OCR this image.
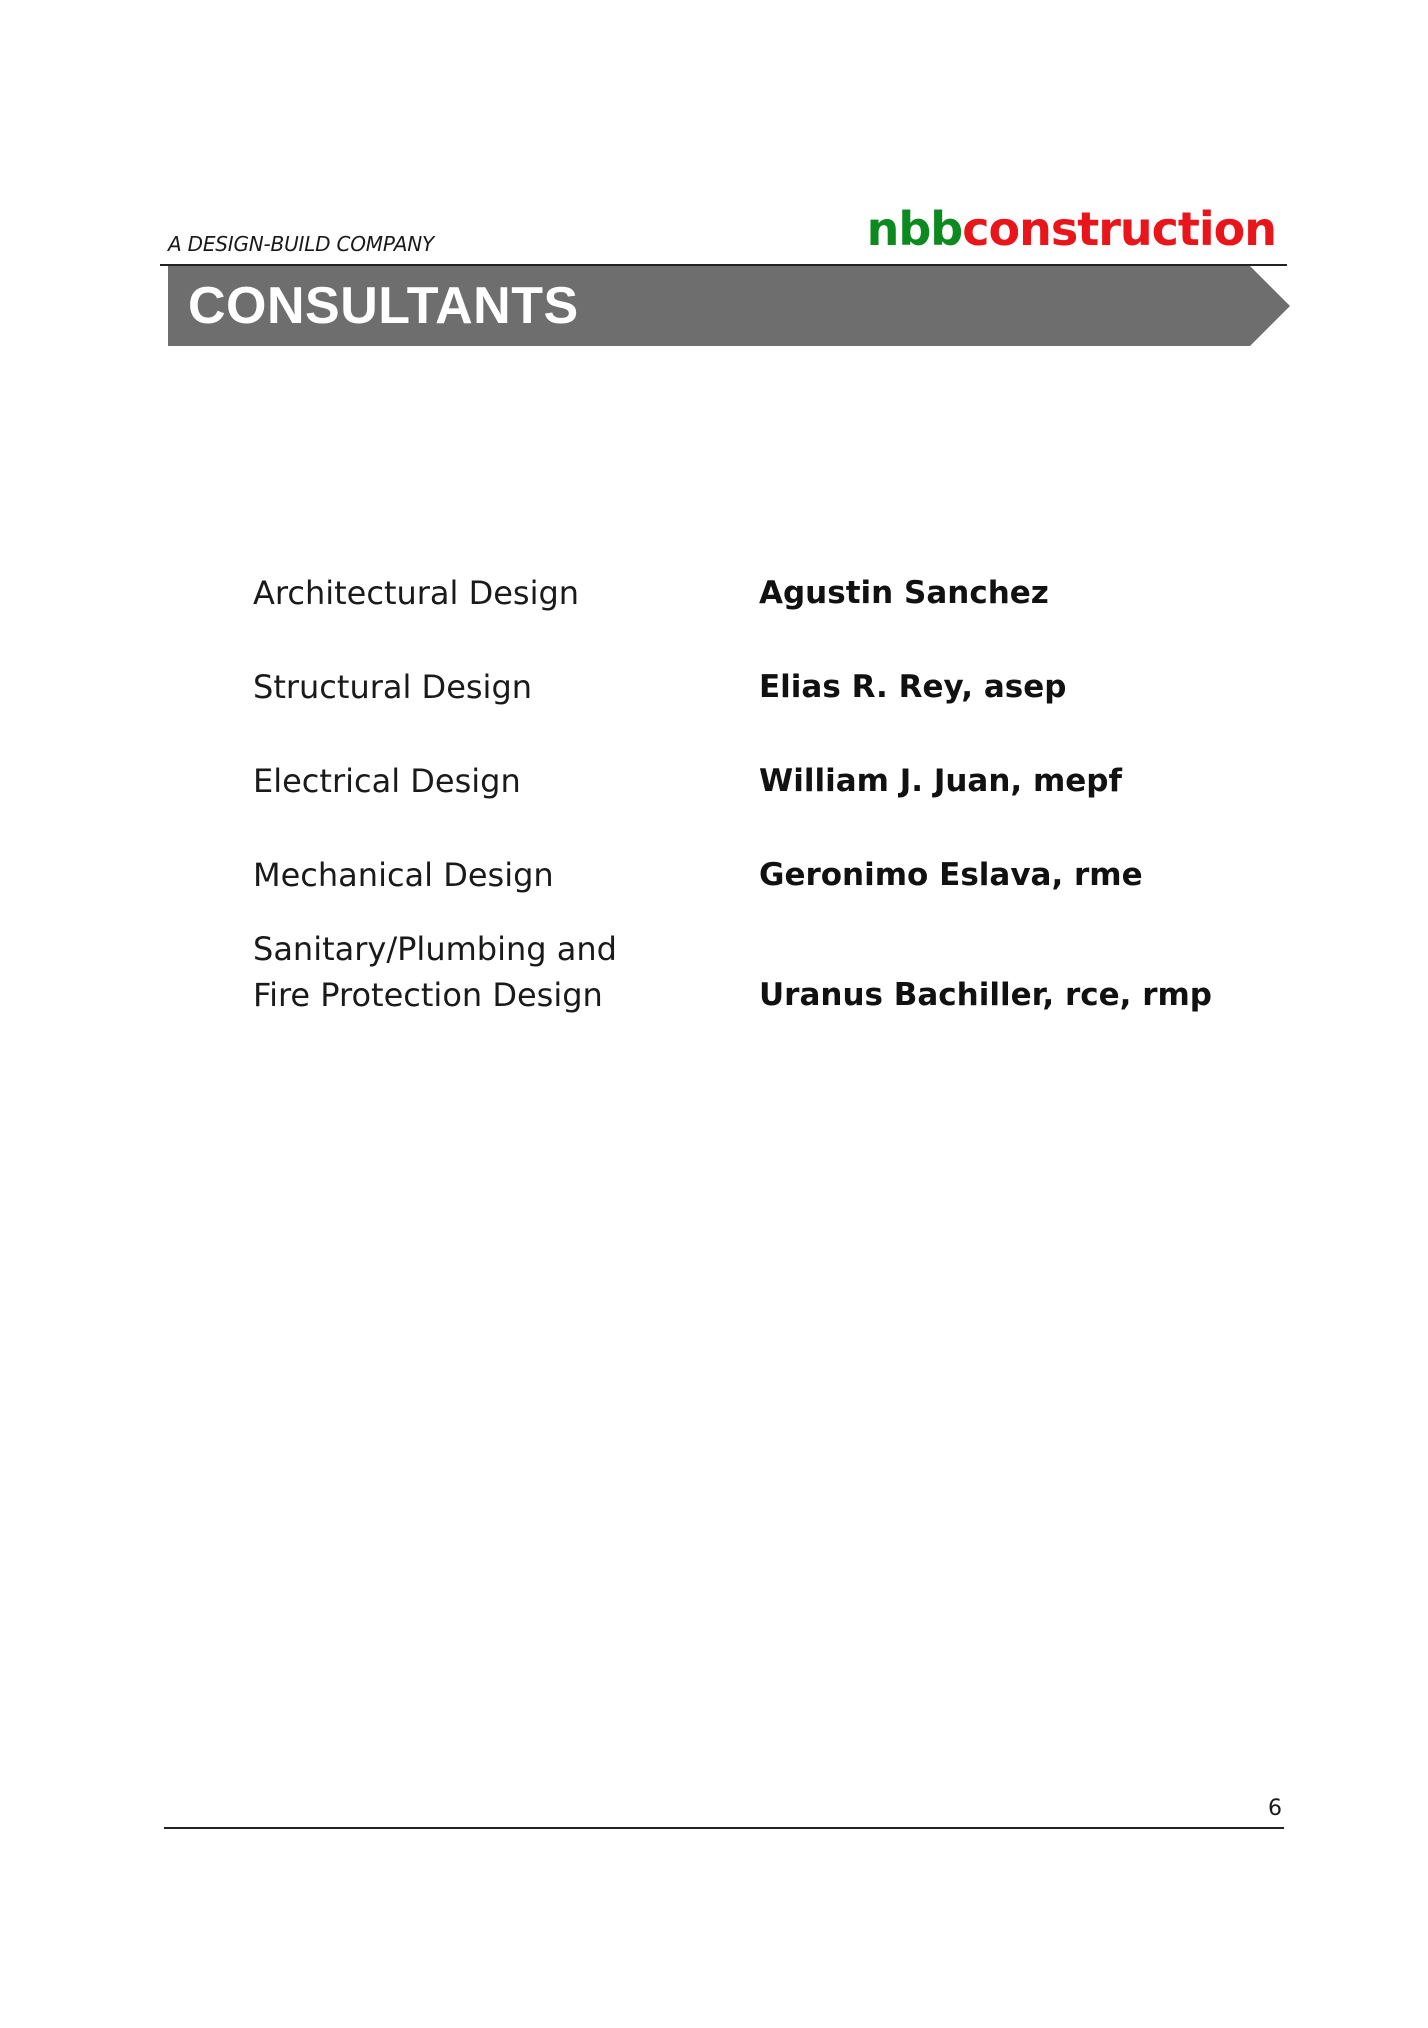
A DESIGN-BUILD COMPANY	nbbconstruction
CONSULTANTS
Architectural Design	Agustin Sanchez
Structural Design	Elias R. Rey, asep
Electrical Design	William J. Juan, mepf
Mechanical Design	Geronimo Eslava, rme
Sanitary/Plumbing and
Fire Protection Design	Uranus Bachiller, rce, rmp
6
